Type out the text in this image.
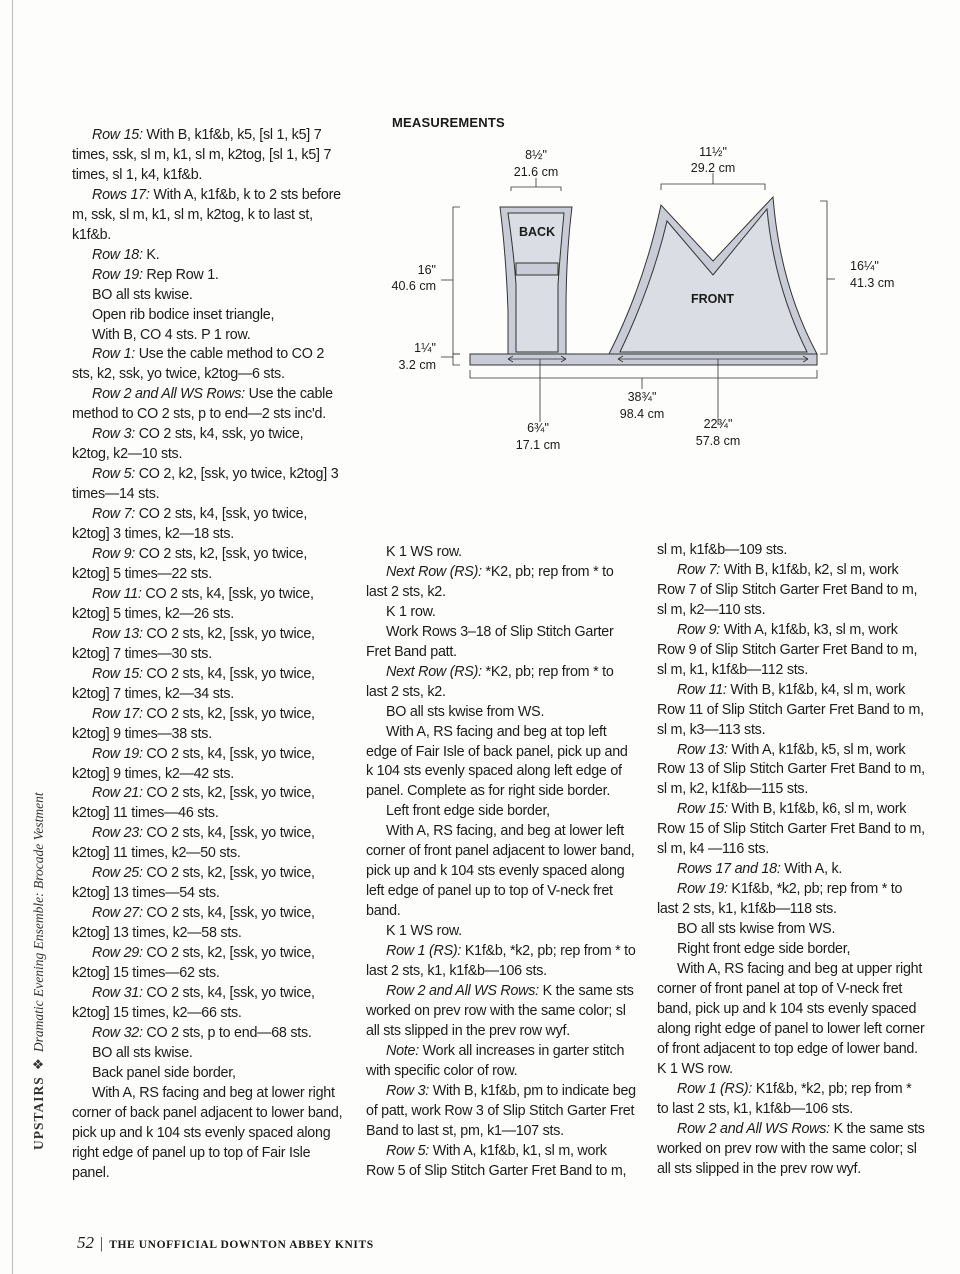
UPSTAIRS❖Dramatic Evening Ensemble: Brocade Vestment

Row 15: With B, k1f&b, k5, [sl 1, k5] 7 times, ssk, sl m, k1, sl m, k2tog, [sl 1, k5] 7 times, sl 1, k4, k1f&b.

Rows 17: With A, k1f&b, k to 2 sts before m, ssk, sl m, k1, sl m, k2tog, k to last st, k1f&b.

Row 18: K.

Row 19: Rep Row 1.

BO all sts kwise.

Open rib bodice inset triangle,

With B, CO 4 sts. P 1 row.

Row 1: Use the cable method to CO 2 sts, k2, ssk, yo twice, k2tog—6 sts.

Row 2 and All WS Rows: Use the cable method to CO 2 sts, p to end—2 sts inc'd.

Row 3: CO 2 sts, k4, ssk, yo twice, k2tog, k2—10 sts.

Row 5: CO 2, k2, [ssk, yo twice, k2tog] 3 times—14 sts.

Row 7: CO 2 sts, k4, [ssk, yo twice, k2tog] 3 times, k2—18 sts.

Row 9: CO 2 sts, k2, [ssk, yo twice, k2tog] 5 times—22 sts.

Row 11: CO 2 sts, k4, [ssk, yo twice, k2tog] 5 times, k2—26 sts.

Row 13: CO 2 sts, k2, [ssk, yo twice, k2tog] 7 times—30 sts.

Row 15: CO 2 sts, k4, [ssk, yo twice, k2tog] 7 times, k2—34 sts.

Row 17: CO 2 sts, k2, [ssk, yo twice, k2tog] 9 times—38 sts.

Row 19: CO 2 sts, k4, [ssk, yo twice, k2tog] 9 times, k2—42 sts.

Row 21: CO 2 sts, k2, [ssk, yo twice, k2tog] 11 times—46 sts.

Row 23: CO 2 sts, k4, [ssk, yo twice, k2tog] 11 times, k2—50 sts.

Row 25: CO 2 sts, k2, [ssk, yo twice, k2tog] 13 times—54 sts.

Row 27: CO 2 sts, k4, [ssk, yo twice, k2tog] 13 times, k2—58 sts.

Row 29: CO 2 sts, k2, [ssk, yo twice, k2tog] 15 times—62 sts.

Row 31: CO 2 sts, k4, [ssk, yo twice, k2tog] 15 times, k2—66 sts.

Row 32: CO 2 sts, p to end—68 sts.

BO all sts kwise.

Back panel side border,

With A, RS facing and beg at lower right corner of back panel adjacent to lower band, pick up and k 104 sts evenly spaced along right edge of panel up to top of Fair Isle panel.

MEASUREMENTS
BACK
FRONT
8½"
21.6 cm
11½"
29.2 cm
16"
40.6 cm
1¼"
3.2 cm
16¼"
41.3 cm
38¾"
98.4 cm
6¾"
17.1 cm
22¾"
57.8 cm

K 1 WS row.

Next Row (RS): *K2, pb; rep from * to last 2 sts, k2.

K 1 row.

Work Rows 3–18 of Slip Stitch Garter Fret Band patt.

Next Row (RS): *K2, pb; rep from * to last 2 sts, k2.

BO all sts kwise from WS.

With A, RS facing and beg at top left edge of Fair Isle of back panel, pick up and k 104 sts evenly spaced along left edge of panel. Complete as for right side border.

Left front edge side border,

With A, RS facing, and beg at lower left corner of front panel adjacent to lower band, pick up and k 104 sts evenly spaced along left edge of panel up to top of V-neck fret band.

K 1 WS row.

Row 1 (RS): K1f&b, *k2, pb; rep from * to last 2 sts, k1, k1f&b—106 sts.

Row 2 and All WS Rows: K the same sts worked on prev row with the same color; sl all sts slipped in the prev row wyf.

Note: Work all increases in garter stitch with specific color of row.

Row 3: With B, k1f&b, pm to indicate beg of patt, work Row 3 of Slip Stitch Garter Fret Band to last st, pm, k1—107 sts.

Row 5: With A, k1f&b, k1, sl m, work Row 5 of Slip Stitch Garter Fret Band to m,

sl m, k1f&b—109 sts.

Row 7: With B, k1f&b, k2, sl m, work Row 7 of Slip Stitch Garter Fret Band to m, sl m, k2—110 sts.

Row 9: With A, k1f&b, k3, sl m, work Row 9 of Slip Stitch Garter Fret Band to m, sl m, k1, k1f&b—112 sts.

Row 11: With B, k1f&b, k4, sl m, work Row 11 of Slip Stitch Garter Fret Band to m, sl m, k3—113 sts.

Row 13: With A, k1f&b, k5, sl m, work Row 13 of Slip Stitch Garter Fret Band to m, sl m, k2, k1f&b—115 sts.

Row 15: With B, k1f&b, k6, sl m, work Row 15 of Slip Stitch Garter Fret Band to m, sl m, k4 —116 sts.

Rows 17 and 18: With A, k.

Row 19: K1f&b, *k2, pb; rep from * to last 2 sts, k1, k1f&b—118 sts.

BO all sts kwise from WS.

Right front edge side border,

With A, RS facing and beg at upper right corner of front panel at top of V-neck fret band, pick up and k 104 sts evenly spaced along right edge of panel to lower left corner of front adjacent to top edge of lower band. K 1 WS row.

Row 1 (RS): K1f&b, *k2, pb; rep from * to last 2 sts, k1, k1f&b—106 sts.

Row 2 and All WS Rows: K the same sts worked on prev row with the same color; sl all sts slipped in the prev row wyf.

52 | THE UNOFFICIAL DOWNTON ABBEY KNITS
